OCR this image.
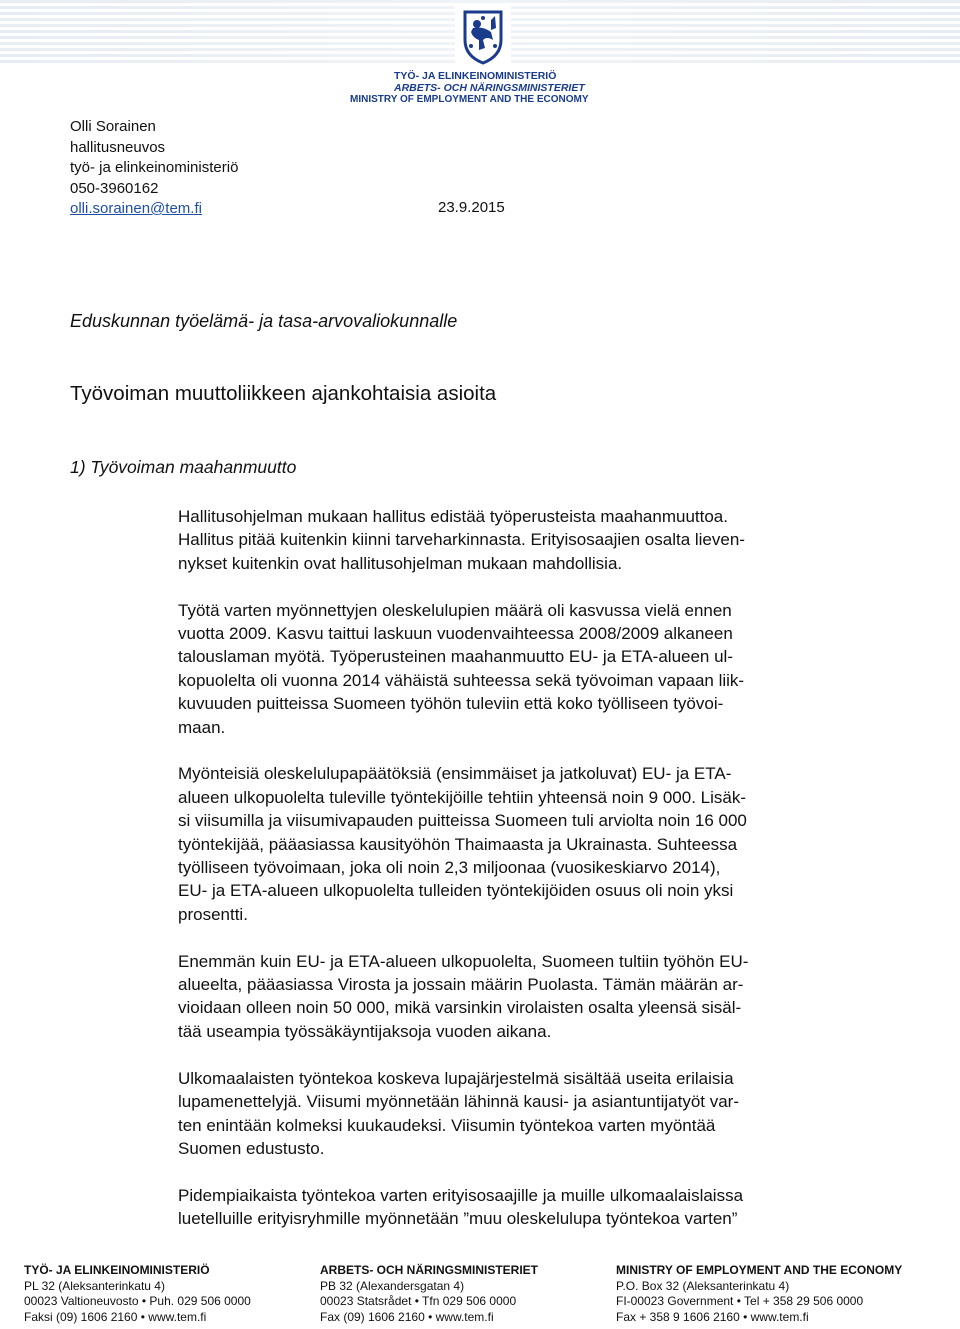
TYÖ- JA ELINKEINOMINISTERIÖ
ARBETS- OCH NÄRINGSMINISTERIET
MINISTRY OF EMPLOYMENT AND THE ECONOMY
Olli Sorainen
hallitusneuvos
työ- ja elinkeinoministeriö
050-3960162
olli.sorainen@tem.fi	23.9.2015
Eduskunnan työelämä- ja tasa-arvovaliokunnalle
Työvoiman muuttoliikkeen ajankohtaisia asioita
1) Työvoiman maahanmuutto

Hallitusohjelman mukaan hallitus edistää työperusteista maahanmuuttoa.
Hallitus pitää kuitenkin kiinni tarveharkinnasta. Erityisosaajien osalta lieven-
nykset kuitenkin ovat hallitusohjelman mukaan mahdollisia.

Työtä varten myönnettyjen oleskelulupien määrä oli kasvussa vielä ennen
vuotta 2009. Kasvu taittui laskuun vuodenvaihteessa 2008/2009 alkaneen
talouslaman myötä. Työperusteinen maahanmuutto EU- ja ETA-alueen ul-
kopuolelta oli vuonna 2014 vähäistä suhteessa sekä työvoiman vapaan liik-
kuvuuden puitteissa Suomeen työhön tuleviin että koko työlliseen työvoi-
maan.

Myönteisiä oleskelulupapäätöksiä (ensimmäiset ja jatkoluvat) EU- ja ETA-
alueen ulkopuolelta tuleville työntekijöille tehtiin yhteensä noin 9 000. Lisäk-
si viisumilla ja viisumivapauden puitteissa Suomeen tuli arviolta noin 16 000
työntekijää, pääasiassa kausityöhön Thaimaasta ja Ukrainasta. Suhteessa
työlliseen työvoimaan, joka oli noin 2,3 miljoonaa (vuosikeskiarvo 2014),
EU- ja ETA-alueen ulkopuolelta tulleiden työntekijöiden osuus oli noin yksi
prosentti.

Enemmän kuin EU- ja ETA-alueen ulkopuolelta, Suomeen tultiin työhön EU-
alueelta, pääasiassa Virosta ja jossain määrin Puolasta. Tämän määrän ar-
vioidaan olleen noin 50 000, mikä varsinkin virolaisten osalta yleensä sisäl-
tää useampia työssäkäyntijaksoja vuoden aikana.

Ulkomaalaisten työntekoa koskeva lupajärjestelmä sisältää useita erilaisia
lupamenettelyjä. Viisumi myönnetään lähinnä kausi- ja asiantuntijatyöt var-
ten enintään kolmeksi kuukaudeksi. Viisumin työntekoa varten myöntää
Suomen edustusto.

Pidempiaikaista työntekoa varten erityisosaajille ja muille ulkomaalaislaissa
luetelluille erityisryhmille myönnetään ”muu oleskelulupa työntekoa varten”

TYÖ- JA ELINKEINOMINISTERIÖ
PL 32 (Aleksanterinkatu 4)
00023 Valtioneuvosto • Puh. 029 506 0000
Faksi (09) 1606 2160 • www.tem.fi
ARBETS- OCH NÄRINGSMINISTERIET
PB 32 (Alexandersgatan 4)
00023 Statsrådet • Tfn 029 506 0000
Fax (09) 1606 2160 • www.tem.fi
MINISTRY OF EMPLOYMENT AND THE ECONOMY
P.O. Box 32 (Aleksanterinkatu 4)
FI-00023 Government • Tel + 358 29 506 0000
Fax + 358 9 1606 2160 • www.tem.fi
